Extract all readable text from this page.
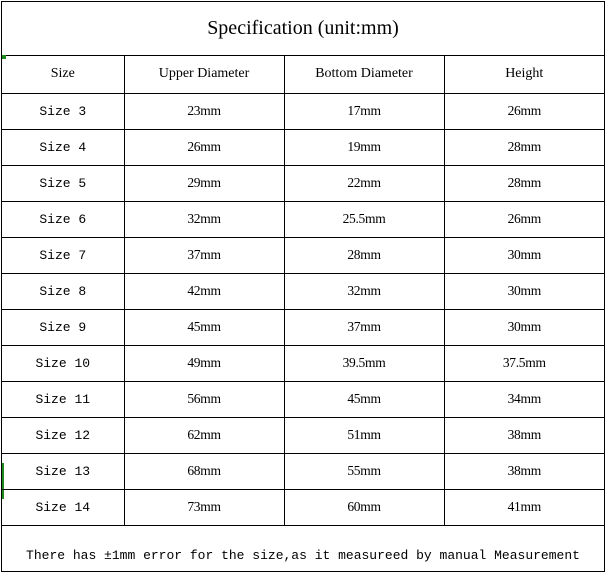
Specification (unit:mm)
Size	Upper Diameter	Bottom Diameter	Height
Size 3	23mm	17mm	26mm
Size 4	26mm	19mm	28mm
Size 5	29mm	22mm	28mm
Size 6	32mm	25.5mm	26mm
Size 7	37mm	28mm	30mm
Size 8	42mm	32mm	30mm
Size 9	45mm	37mm	30mm
Size 10	49mm	39.5mm	37.5mm
Size 11	56mm	45mm	34mm
Size 12	62mm	51mm	38mm
Size 13	68mm	55mm	38mm
Size 14	73mm	60mm	41mm
There has ±1mm error for the size,as it measureed by manual Measurement
